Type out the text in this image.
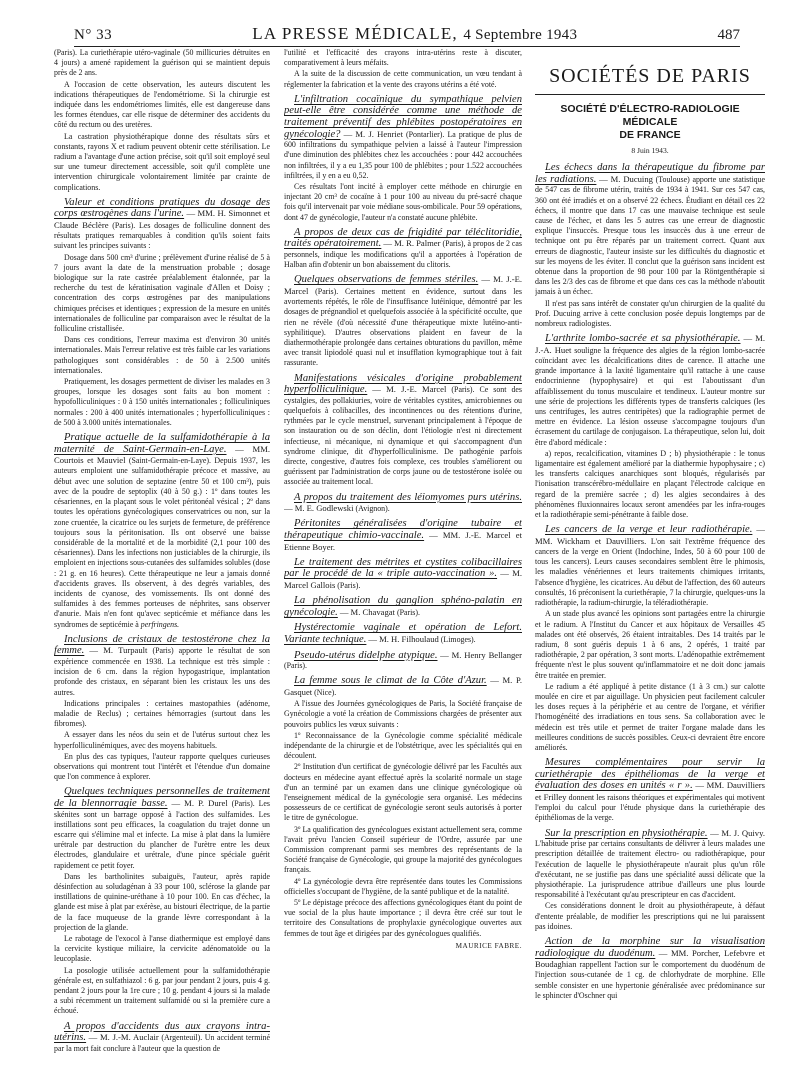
N° 33	LA PRESSE MÉDICALE, 4 Septembre 1943	487

(Paris). La curiethérapie utéro-vaginale (50 millicuries détruites en 4 jours) a amené rapidement la guérison qui se maintient depuis près de 2 ans.

A l'occasion de cette observation, les auteurs discutent les indications thérapeutiques de l'endométriome. Si la chirurgie est indiquée dans les endométriomes limités, elle est dangereuse dans les formes étendues, car elle risque de déterminer des accidents du côté du rectum ou des uretères.

La castration physiothérapique donne des résultats sûrs et constants, rayons X et radium peuvent obtenir cette stérilisation. Le radium a l'avantage d'une action précise, soit qu'il soit employé seul sur une tumeur directement accessible, soit qu'il complète une intervention chirurgicale volontairement limitée par crainte de complications.

Valeur et conditions pratiques du dosage des corps œstrogènes dans l'urine. — MM. H. Simonnet et Claude Béclère (Paris). Les dosages de folliculine donnent des résultats pratiques remarquables à condition qu'ils soient faits suivant les principes suivants :

Dosage dans 500 cm³ d'urine ; prélèvement d'urine réalisé de 5 à 7 jours avant la date de la menstruation probable ; dosage biologique sur la rate castrée préalablement étalonnée, par la recherche du test de kératinisation vaginale d'Allen et Doisy ; concentration des corps œstrogènes par des manipulations chimiques précises et identiques ; expression de la mesure en unités internationales de folliculine par comparaison avec le résultat de la folliculine cristallisée.

Dans ces conditions, l'erreur maxima est d'environ 30 unités internationales. Mais l'erreur relative est très faible car les variations pathologiques sont considérables : de 50 à 2.500 unités internationales.

Pratiquement, les dosages permettent de diviser les malades en 3 groupes, lorsque les dosages sont faits au bon moment : hypofolliculiniques : 0 à 150 unités internationales ; folliculiniques normales : 200 à 400 unités internationales ; hyperfolliculiniques : de 500 à 3.000 unités internationales.

Pratique actuelle de la sulfamidothérapie à la maternité de Saint-Germain-en-Laye. — MM. Courtois et Mauviel (Saint-Germain-en-Laye). Depuis 1937, les auteurs emploient une sulfamidothérapie précoce et massive, au début avec une solution de septazine (entre 50 et 100 cm³), puis avec de la poudre de septoplix (40 à 50 g.) : 1º dans toutes les césariennes, en la plaçant sous le volet péritonéal vésical ; 2º dans toutes les opérations gynécologiques conservatrices ou non, sur la zone cruentée, la cicatrice ou les surjets de fermeture, de préférence toujours sous la péritonisation. Ils ont observé une baisse considérable de la mortalité et de la morbidité (2,1 pour 100 des césariennes). Dans les infections non justiciables de la chirurgie, ils emploient en injections sous-cutanées des sulfamides solubles (dose : 21 g. en 16 heures). Cette thérapeutique ne leur a jamais donné d'accidents graves. Ils observent, à des degrés variables, des incidents de cyanose, des vomissements. Ils ont donné des sulfamides à des femmes porteuses de néphrites, sans observer d'anurie. Mais n'en font qu'avec septicémie et méfiance dans les syndromes de septicémie à perfringens.

Inclusions de cristaux de testostérone chez la femme. — M. Turpault (Paris) apporte le résultat de son expérience commencée en 1938. La technique est très simple : incision de 6 cm. dans la région hypogastrique, implantation profonde des cristaux, en séparant bien les cristaux les uns des autres.

Indications principales : certaines mastopathies (adénome, maladie de Reclus) ; certaines hémorragies (surtout dans les fibromes).

A essayer dans les néos du sein et de l'utérus surtout chez les hyperfolliculinémiques, avec des moyens habituels.

En plus des cas typiques, l'auteur rapporte quelques curieuses observations qui montrent tout l'intérêt et l'étendue d'un domaine que l'on commence à explorer.

Quelques techniques personnelles de traitement de la blennorragie basse. — M. P. Durel (Paris). Les skénites sont un barrage opposé à l'action des sulfamides. Les instillations sont peu efficaces, la coagulation du trajet donne un escarre qui s'élimine mal et infecte. La mise à plat dans la lumière urétrale par destruction du plancher de l'urètre entre les deux électrodes, glandulaire et urétrale, d'une pince spéciale guérit rapidement ce petit foyer.

Dans les bartholinites subaiguës, l'auteur, après rapide désinfection au soludagénan à 33 pour 100, sclérose la glande par instillations de quinine-uréthane à 10 pour 100. En cas d'échec, la glande est mise à plat par exérèse, au bistouri électrique, de la partie de la face muqueuse de la grande lèvre correspondant à la projection de la glande.

Le rabotage de l'exocol à l'anse diathermique est employé dans la cervicite kystique miliaire, la cervicite adénomatoïde ou la leucoplasie.

La posologie utilisée actuellement pour la sulfamidothérapie générale est, en sulfathiazol : 6 g. par jour pendant 2 jours, puis 4 g. pendant 2 jours pour la 1re cure ; 10 g. pendant 4 jours si la malade a subi récemment un traitement sulfamidé ou si la première cure a échoué.

A propos d'accidents dus aux crayons intra-utérins. — M. J.-M. Auclair (Argenteuil). Un accident terminé par la mort fait conclure à l'auteur que la question de

l'utilité et l'efficacité des crayons intra-utérins reste à discuter, comparativement à leurs méfaits.

A la suite de la discussion de cette communication, un vœu tendant à réglementer la fabrication et la vente des crayons utérins a été voté.

L'infiltration cocaïnique du sympathique pelvien peut-elle être considérée comme une méthode de traitement préventif des phlébites postopératoires en gynécologie? — M. J. Henriet (Pontarlier). La pratique de plus de 600 infiltrations du sympathique pelvien a laissé à l'auteur l'impression d'une diminution des phlébites chez les accouchées : pour 442 accouchées non infiltrées, il y a eu 1,35 pour 100 de phlébites ; pour 1.522 accouchées infiltrées, il y en a eu 0,52.

Ces résultats l'ont incité à employer cette méthode en chirurgie en injectant 20 cm³ de cocaïne à 1 pour 100 au niveau du pré-sacré chaque fois qu'il intervenait par voie médiane sous-ombilicale. Pour 59 opérations, dont 47 de gynécologie, l'auteur n'a constaté aucune phlébite.

A propos de deux cas de frigidité par téléclitoridie, traités opératoirement. — M. R. Palmer (Paris), à propos de 2 cas personnels, indique les modifications qu'il a apportées à l'opération de Halban afin d'obtenir un bon abaissement du clitoris.

Quelques observations de femmes stériles. — M. J.-E. Marcel (Paris). Certaines mettent en évidence, surtout dans les avortements répétés, le rôle de l'insuffisance lutéinique, démontré par les dosages de prégnandiol et quelquefois associée à la spécificité occulte, que rien ne révèle (d'où nécessité d'une thérapeutique mixte lutéino-anti-syphilitique). D'autres observations plaident en faveur de la diathermothérapie prolongée dans certaines obturations du pavillon, même avec transit lipiodolé quasi nul et insufflation kymographique tout à fait rassurante.

Manifestations vésicales d'origine probablement hyperfolliculinique. — M. J.-E. Marcel (Paris). Ce sont des cystalgies, des pollakiuries, voire de véritables cystites, amicrobiennes ou quelquefois à colibacilles, des incontinences ou des rétentions d'urine, rythmées par le cycle menstruel, survenant principalement à l'époque de son instauration ou de son déclin, dont l'étiologie n'est ni directement infectieuse, ni mécanique, ni dynamique et qui s'accompagnent d'un syndrome clinique, dit d'hyperfolliculinisme. De pathogénie parfois directe, congestive, d'autres fois complexe, ces troubles s'améliorent ou guérissent par l'administration de corps jaune ou de testostérone isolée ou associée au traitement local.

A propos du traitement des léiomyomes purs utérins. — M. E. Godlewski (Avignon).

Péritonites généralisées d'origine tubaire et thérapeutique chimio-vaccinale. — MM. J.-E. Marcel et Etienne Boyer.

Le traitement des métrites et cystites colibacillaires par le procédé de la « triple auto-vaccination ». — M. Marcel Gallois (Paris).

La phénolisation du ganglion sphéno-palatin en gynécologie. — M. Chavagat (Paris).

Hystérectomie vaginale et opération de Lefort. Variante technique. — M. H. Filhoulaud (Limoges).

Pseudo-utérus didelphe atypique. — M. Henry Bellanger (Paris).

La femme sous le climat de la Côte d'Azur. — M. P. Gasquet (Nice).

A l'issue des Journées gynécologiques de Paris, la Société française de Gynécologie a voté la création de Commissions chargées de présenter aux pouvoirs publics les vœux suivants :

1º Reconnaissance de la Gynécologie comme spécialité médicale indépendante de la chirurgie et de l'obstétrique, avec les spécialités qui en découlent.

2º Institution d'un certificat de gynécologie délivré par les Facultés aux docteurs en médecine ayant effectué après la scolarité normale un stage d'un an terminé par un examen dans une clinique gynécologique où l'enseignement médical de la gynécologie sera organisé. Les médecins possesseurs de ce certificat de gynécologie seront seuls autorisés à porter le titre de gynécologue.

3º La qualification des gynécologues existant actuellement sera, comme l'avait prévu l'ancien Conseil supérieur de l'Ordre, assurée par une Commission comprenant parmi ses membres des représentants de la Société française de Gynécologie, qui groupe la majorité des gynécologues français.

4º La gynécologie devra être représentée dans toutes les Commissions officielles s'occupant de l'hygiène, de la santé publique et de la natalité.

5º Le dépistage précoce des affections gynécologiques étant du point de vue social de la plus haute importance ; il devra être créé sur tout le territoire des Consultations de prophylaxie gynécologique ouvertes aux femmes de tout âge et dirigées par des gynécologues qualifiés.

MAURICE FABRE.

SOCIÉTÉS DE PARIS
SOCIÉTÉ D'ÉLECTRO-RADIOLOGIE MÉDICALE
DE FRANCE
8 Juin 1943.

Les échecs dans la thérapeutique du fibrome par les radiations. — M. Ducuing (Toulouse) apporte une statistique de 547 cas de fibrome utérin, traités de 1934 à 1941. Sur ces 547 cas, 360 ont été irradiés et on a observé 22 échecs. Étudiant en détail ces 22 échecs, il montre que dans 17 cas une mauvaise technique est seule cause de l'échec, et dans les 5 autres cas une erreur de diagnostic explique l'insuccès. Presque tous les insuccès dus à une erreur de technique ont pu être réparés par un traitement correct. Quant aux erreurs de diagnostic, l'auteur insiste sur les difficultés du diagnostic et sur les moyens de les éviter. Il conclut que la guérison sans incident est obtenue dans la proportion de 98 pour 100 par la Röntgenthérapie si dans les 2/3 des cas de fibrome et que dans ces cas la méthode n'aboutit jamais à un échec.

Il n'est pas sans intérêt de constater qu'un chirurgien de la qualité du Prof. Ducuing arrive à cette conclusion posée depuis longtemps par de nombreux radiologistes.

L'arthrite lombo-sacrée et sa physiothérapie. — M. J.-A. Huet souligne la fréquence des algies de la région lombo-sacrée coïncidant avec les décalcifications dites de carence. Il attache une grande importance à la laxité ligamentaire qu'il rattache à une cause endocrinienne (hypophysaire) et qui est l'aboutissant d'un affaiblissement du tonus musculaire et tendineux. L'auteur montre sur une série de projections les différents types de transferts calciques (les uns centrifuges, les autres centripètes) que la radiographie permet de mettre en évidence. La lésion osseuse s'accompagne toujours d'un écrasement du cartilage de conjugaison. La thérapeutique, selon lui, doit être d'abord médicale :

a) repos, recalcification, vitamines D ; b) physiothérapie : le tonus ligamentaire est également amélioré par la diathermie hypophysaire ; c) les transferts calciques anarchiques sont bloqués, régularisés par l'ionisation transcérébro-médullaire en plaçant l'électrode calcique en regard de la première sacrée ; d) les algies secondaires à des phénomènes fluxionnaires locaux seront amendées par les infra-rouges et la radiothérapie semi-pénétrante à faible dose.

Les cancers de la verge et leur radiothérapie. — MM. Wickham et Dauvilliers. L'on sait l'extrême fréquence des cancers de la verge en Orient (Indochine, Indes, 50 à 60 pour 100 de tous les cancers). Leurs causes secondaires semblent être le phimosis, les maladies vénériennes et leurs traitements chimiques irritants, l'absence d'hygiène, les cicatrices. Au début de l'affection, des 60 auteurs consultés, 16 préconisent la curiethérapie, 7 la chirurgie, quelques-uns la radiothérapie, la radium-chirurgie, la téléradiothérapie.

A un stade plus avancé les opinions sont partagées entre la chirurgie et le radium. A l'Institut du Cancer et aux hôpitaux de Versailles 45 malades ont été observés, 26 étaient intraitables. Des 14 traités par le radium, 8 sont guéris depuis 1 à 6 ans, 2 opérés, 1 traité par radiothérapie, 2 par opération, 3 sont morts. L'adénopathie extrêmement fréquente n'est le plus souvent qu'inflammatoire et ne doit donc jamais être traitée en premier.

Le radium a été appliqué à petite distance (1 à 3 cm.) sur calotte moulée en cire et par aiguillage. Un physicien peut facilement calculer les doses reçues à la périphérie et au centre de l'organe, et vérifier l'homogénéité des irradiations en tous sens. Sa collaboration avec le médecin est très utile et permet de traiter l'organe malade dans les meilleures conditions de succès possibles. Ceux-ci devraient être encore améliorés.

Mesures complémentaires pour servir la curiethérapie des épithéliomas de la verge et évaluation des doses en unités « r ». — MM. Dauvilliers et Frilley donnent les raisons théoriques et expérimentales qui motivent l'emploi du calcul pour l'étude physique dans la curiethérapie des épithéliomas de la verge.

Sur la prescription en physiothérapie. — M. J. Quivy. L'habitude prise par certains consultants de délivrer à leurs malades une prescription détaillée de traitement électro- ou radiothérapique, pour l'exécution de laquelle le physiothérapeute n'aurait plus qu'un rôle d'exécutant, ne se justifie pas dans une spécialité aussi délicate que la physiothérapie. La jurisprudence attribue d'ailleurs une plus lourde responsabilité à l'exécutant qu'au prescripteur en cas d'accident.

Ces considérations donnent le droit au physiothérapeute, à défaut d'entente préalable, de modifier les prescriptions qui ne lui paraissent pas idoines.

Action de la morphine sur la visualisation radiologique du duodénum. — MM. Porcher, Lefebvre et Boudaghian rappellent l'action sur le comportement du duodénum de l'injection sous-cutanée de 1 cg. de chlorhydrate de morphine. Elle semble consister en une hypertonie généralisée avec prédominance sur le sphincter d'Oschner qui
